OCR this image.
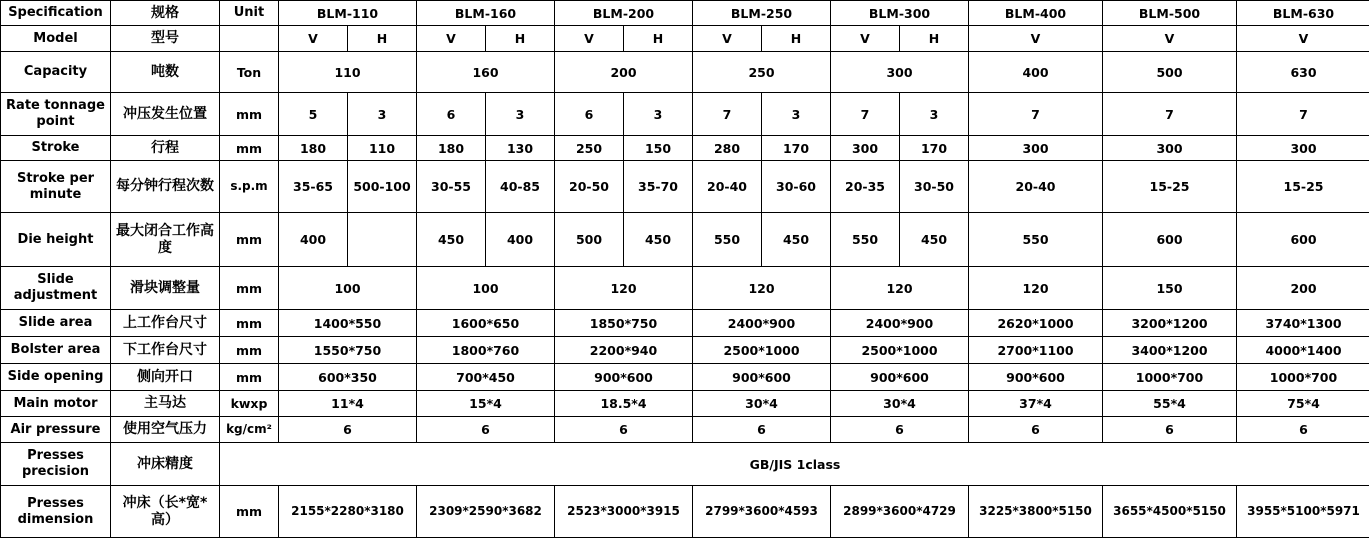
Specification	规格	Unit	BLM-110		BLM-160		BLM-200		BLM-250		BLM-300		BLM-400	BLM-500	BLM-630
Model	型号		V	H	V	H	V	H	V	H	V	H	V	V	V
Capacity	吨数	Ton	110		160		200		250		300		400	500	630
Rate tonnage point	冲压发生位置	mm	5	3	6	3	6	3	7	3	7	3	7	7	7
Stroke	行程	mm	180	110	180	130	250	150	280	170	300	170	300	300	300
Stroke per minute	每分钟行程次数	s.p.m	35-65	500-100	30-55	40-85	20-50	35-70	20-40	30-60	20-35	30-50	20-40	15-25	15-25
Die height	最大闭合工作高度	mm	400		450	400	500	450	550	450	550	450	550	600	600
Slide adjustment	滑块调整量	mm	100		100		120		120		120		120	150	200
Slide area	上工作台尺寸	mm	1400*550		1600*650		1850*750		2400*900		2400*900		2620*1000	3200*1200	3740*1300
Bolster area	下工作台尺寸	mm	1550*750		1800*760		2200*940		2500*1000		2500*1000		2700*1100	3400*1200	4000*1400
Side opening	侧向开口	mm	600*350		700*450		900*600		900*600		900*600		900*600	1000*700	1000*700
Main motor	主马达	kwxp	11*4		15*4		18.5*4		30*4		30*4		37*4	55*4	75*4
Air pressure	使用空气压力	kg/cm²	6		6		6		6		6		6	6	6
Presses precision	冲床精度	GB/JIS 1class													
Presses dimension	冲床（长*宽*高）	mm	2155*2280*3180		2309*2590*3682		2523*3000*3915		2799*3600*4593		2899*3600*4729		3225*3800*5150	3655*4500*5150	3955*5100*5971
